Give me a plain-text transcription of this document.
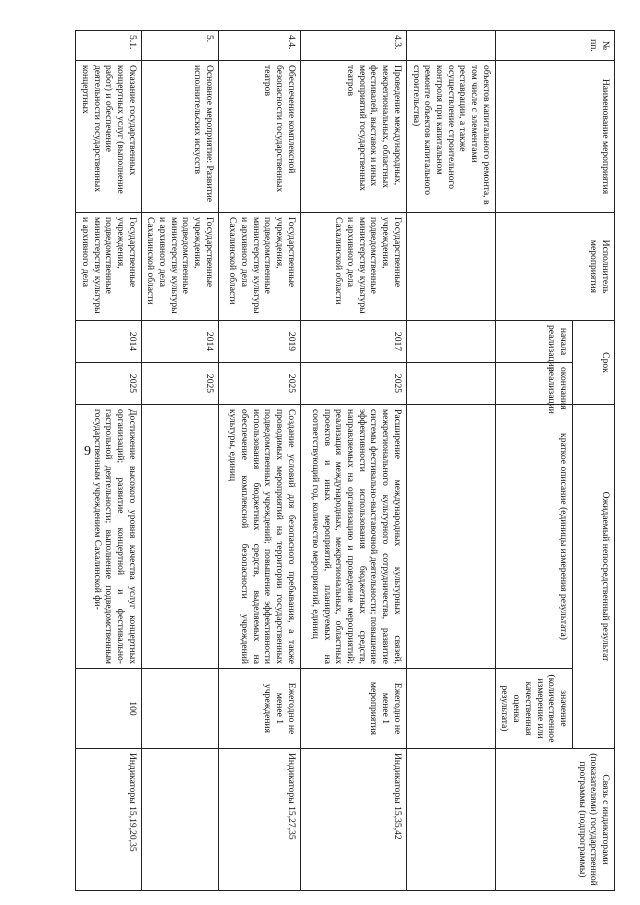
9
№ пп.	Наименование мероприятия	Исполнитель мероприятия	Срок		Ожидаемый непосредственный результат		Связь с индикаторами (показателями) государственной программы (подпрограммы)
			начала реализации	окончания реализации	краткое описание (единицы измерения результата)	значение (количественное измерение или качественная оценка результата)	
	объектов капитального ремонта, в том числе с элементами реставрации, а также осуществление строительного контроля при капитальном ремонте объектов капитального строительства)						
4.3.	Проведение международных, межрегиональных, областных фестивалей, выставок и иных мероприятий государственных театров	Государственные учреждения, подведомственные министерству культуры и архивного дела Сахалинской области	2017	2025	Расширение международных культурных связей, межрегионального культурного сотрудничества, развитие системы фестивально-выставочной деятельности; повышение эффективности использования бюджетных средств, направляемых на организацию и проведение мероприятий; реализация международных, межрегиональных, областных проектов и иных мероприятий, планируемых на соответствующий год, количество мероприятий, единиц	Ежегодно не менее 1 мероприятия	Индикаторы 15,35,42
4.4.	Обеспечение комплексной безопасности государственных театров	Государственные учреждения, подведомственные министерству культуры и архивного дела Сахалинской области	2019	2025	Создание условий для безопасного пребывания, а также проводимых мероприятий на территории государственных подведомственных учреждений; повышение эффективности использования бюджетных средств, выделяемых на обеспечение комплексной безопасности учреждений культуры, единиц	Ежегодно не менее 1 учреждения	Индикаторы 15,27,35
5.	Основное мероприятие: Развитие исполнительских искусств	Государственные учреждения, подведомственные министерству культуры и архивного дела Сахалинской области	2014	2025			
5.1.	Оказание государственных концертных услуг (выполнение работ) и обеспечение деятельности государственных концертных	Государственные учреждения, подведомственные министерству культуры и архивного дела	2014	2025	Достижение высокого уровня качества услуг концертных организаций; развитие концертной и фестивально-гастрольной деятельности; выполнение подведомственным государственным учреждением Сахалинской фи-	100	Индикаторы 15,19,20,35
